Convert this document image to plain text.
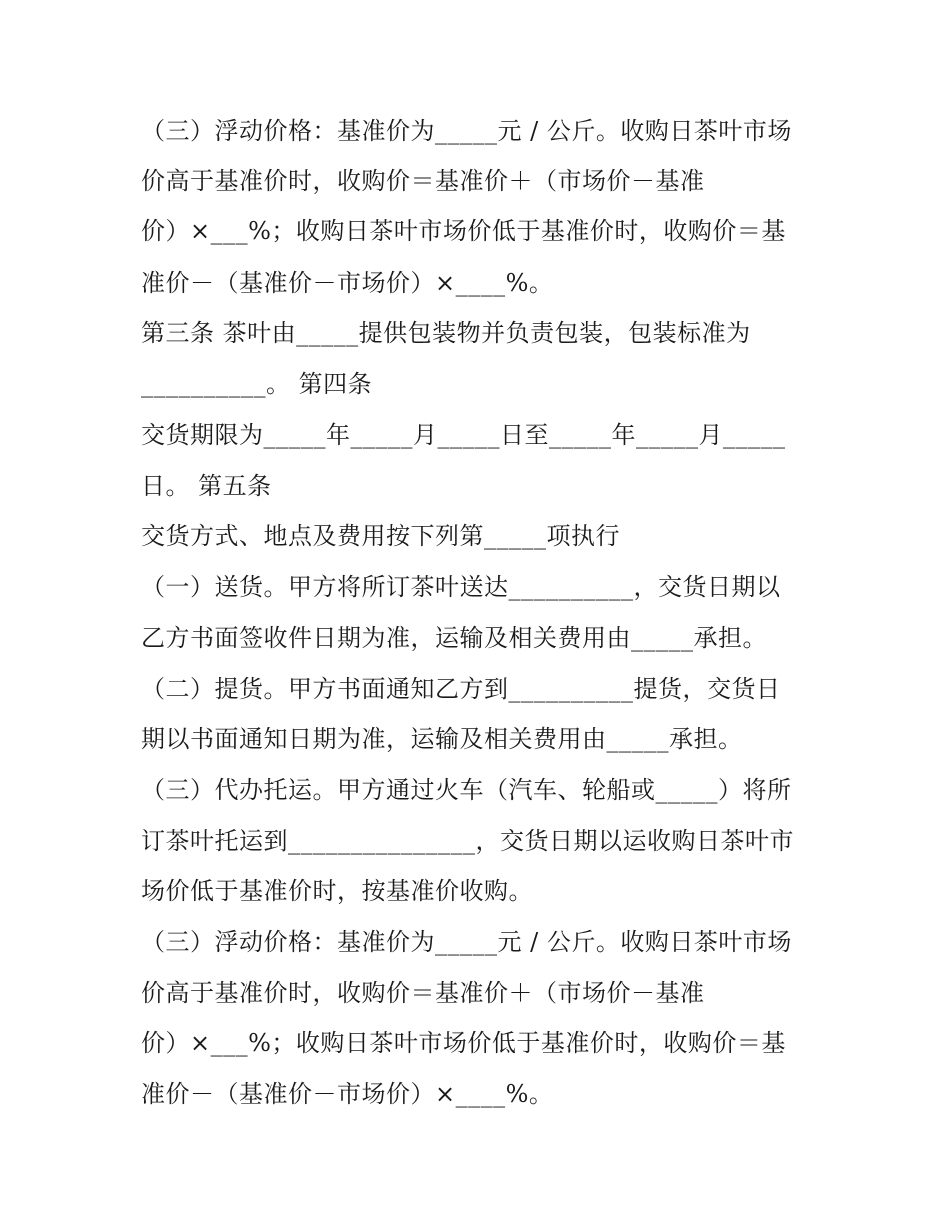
（三）浮动价格：基准价为_____元 / 公斤。收购日茶叶市场

价高于基准价时，收购价＝基准价＋（市场价－基准

价）×___%；收购日茶叶市场价低于基准价时，收购价＝基

准价－（基准价－市场价）×____%。

第三条 茶叶由_____提供包装物并负责包装，包装标准为

__________。 第四条

交货期限为_____年_____月_____日至_____年_____月_____

日。 第五条

交货方式、地点及费用按下列第_____项执行

（一）送货。甲方将所订茶叶送达__________，交货日期以

乙方书面签收件日期为准，运输及相关费用由_____承担。

（二）提货。甲方书面通知乙方到__________提货，交货日

期以书面通知日期为准，运输及相关费用由_____承担。

（三）代办托运。甲方通过火车（汽车、轮船或_____）将所

订茶叶托运到_______________，交货日期以运收购日茶叶市

场价低于基准价时，按基准价收购。

（三）浮动价格：基准价为_____元 / 公斤。收购日茶叶市场

价高于基准价时，收购价＝基准价＋（市场价－基准

价）×___%；收购日茶叶市场价低于基准价时，收购价＝基

准价－（基准价－市场价）×____%。
